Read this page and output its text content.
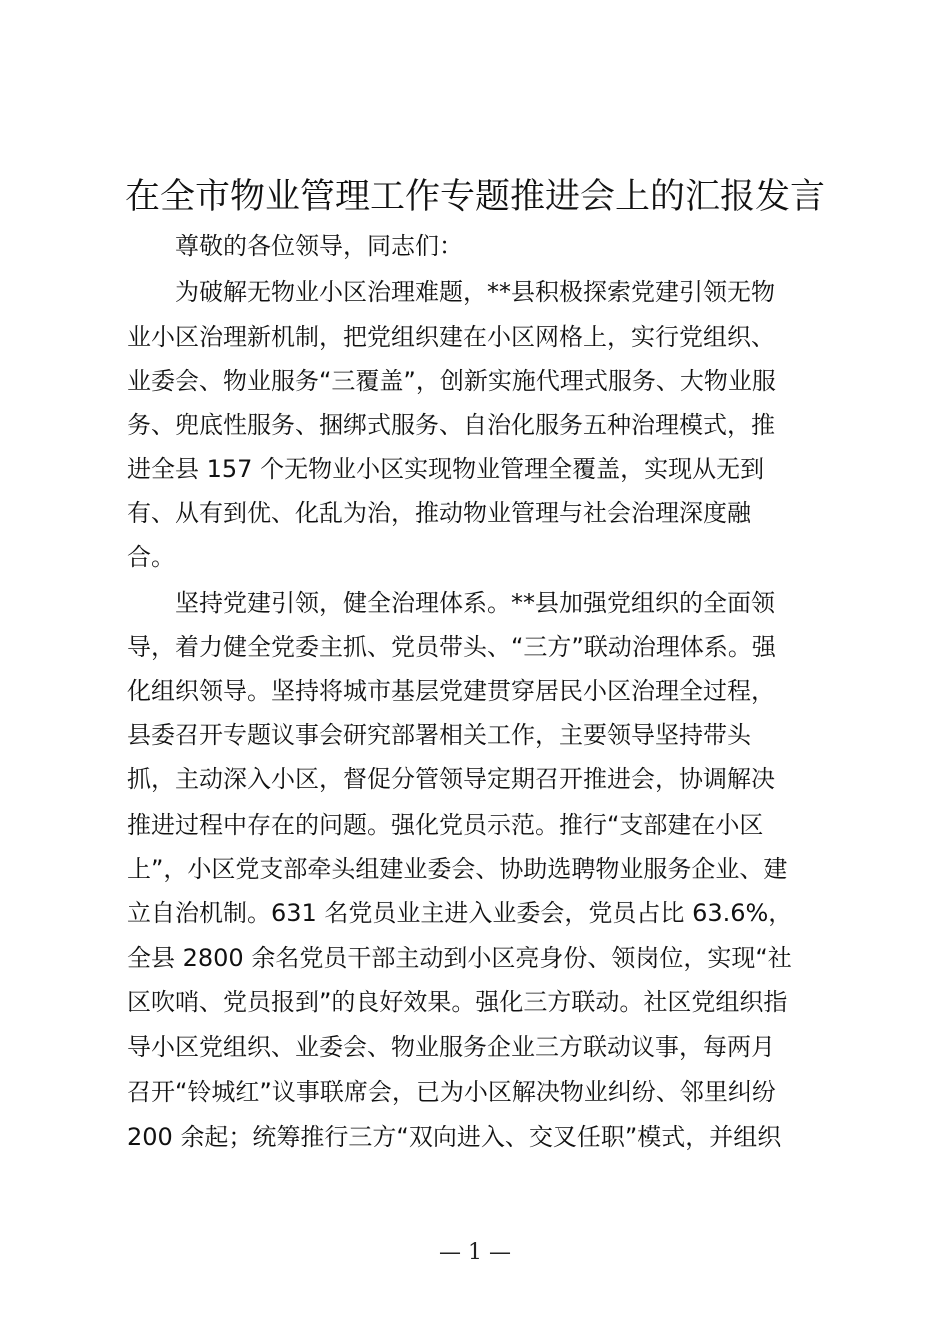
在全市物业管理工作专题推进会上的汇报发言
　　尊敬的各位领导，同志们：
　　为破解无物业小区治理难题，**县积极探索党建引领无物
业小区治理新机制，把党组织建在小区网格上，实行党组织、
业委会、物业服务“三覆盖”，创新实施代理式服务、大物业服
务、兜底性服务、捆绑式服务、自治化服务五种治理模式，推
进全县 157 个无物业小区实现物业管理全覆盖，实现从无到
有、从有到优、化乱为治，推动物业管理与社会治理深度融
合。
　　坚持党建引领，健全治理体系。**县加强党组织的全面领
导，着力健全党委主抓、党员带头、“三方”联动治理体系。强
化组织领导。坚持将城市基层党建贯穿居民小区治理全过程，
县委召开专题议事会研究部署相关工作，主要领导坚持带头
抓，主动深入小区，督促分管领导定期召开推进会，协调解决
推进过程中存在的问题。强化党员示范。推行“支部建在小区
上”，小区党支部牵头组建业委会、协助选聘物业服务企业、建
立自治机制。631 名党员业主进入业委会，党员占比 63.6%，
全县 2800 余名党员干部主动到小区亮身份、领岗位，实现“社
区吹哨、党员报到”的良好效果。强化三方联动。社区党组织指
导小区党组织、业委会、物业服务企业三方联动议事，每两月
召开“铃城红”议事联席会，已为小区解决物业纠纷、邻里纠纷
200 余起；统筹推行三方“双向进入、交叉任职”模式，并组织
— 1 —
